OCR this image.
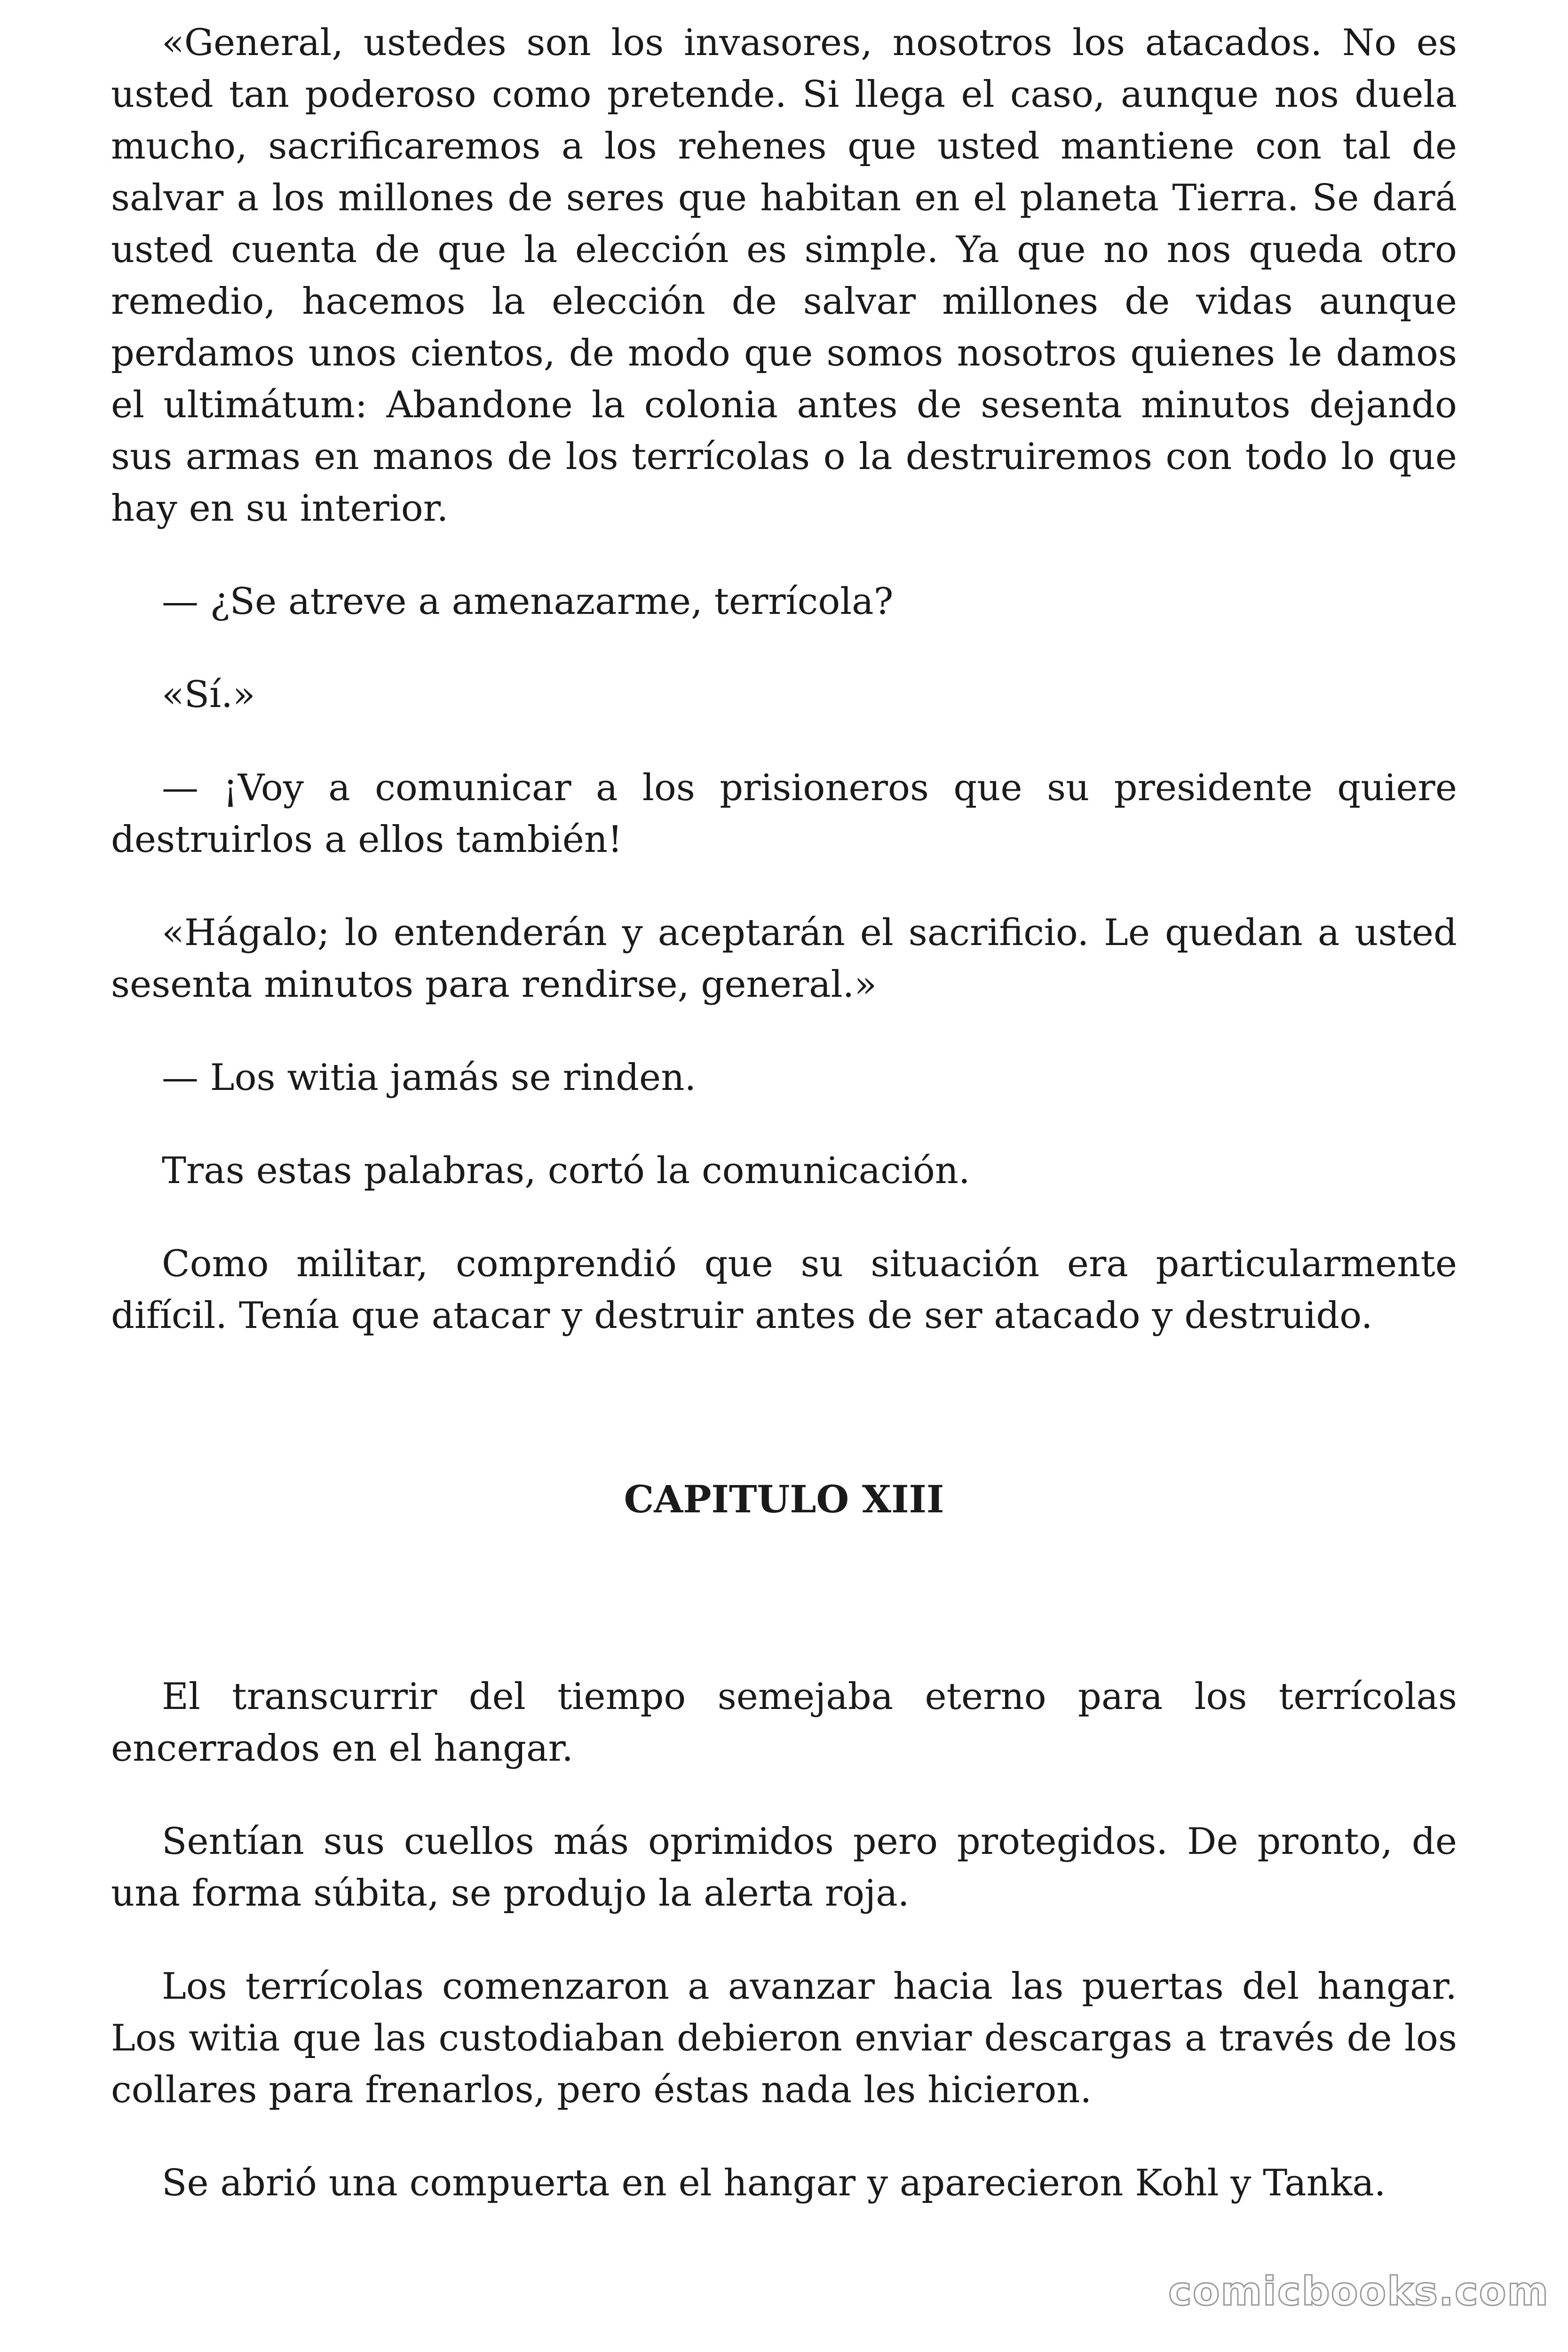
«General, ustedes son los invasores, nosotros los atacados. No es usted tan poderoso como pretende. Si llega el caso, aunque nos duela mucho, sacrificaremos a los rehenes que usted mantiene con tal de salvar a los millones de seres que habitan en el planeta Tierra. Se dará usted cuenta de que la elección es simple. Ya que no nos queda otro remedio, hacemos la elección de salvar millones de vidas aunque perdamos unos cientos, de modo que somos nosotros quienes le damos el ultimátum: Abandone la colonia antes de sesenta minutos dejando sus armas en manos de los terrícolas o la destruiremos con todo lo que hay en su interior.

— ¿Se atreve a amenazarme, terrícola?

«Sí.»

— ¡Voy a comunicar a los prisioneros que su presidente quiere destruirlos a ellos también!

«Hágalo; lo entenderán y aceptarán el sacrificio. Le quedan a usted sesenta minutos para rendirse, general.»

— Los witia jamás se rinden.

Tras estas palabras, cortó la comunicación.

Como militar, comprendió que su situación era particularmente difícil. Tenía que atacar y destruir antes de ser atacado y destruido.

CAPITULO XIII

El transcurrir del tiempo semejaba eterno para los terrícolas encerrados en el hangar.

Sentían sus cuellos más oprimidos pero protegidos. De pronto, de una forma súbita, se produjo la alerta roja.

Los terrícolas comenzaron a avanzar hacia las puertas del hangar. Los witia que las custodiaban debieron enviar descargas a través de los collares para frenarlos, pero éstas nada les hicieron.

Se abrió una compuerta en el hangar y aparecieron Kohl y Tanka.

comicbooks.com
